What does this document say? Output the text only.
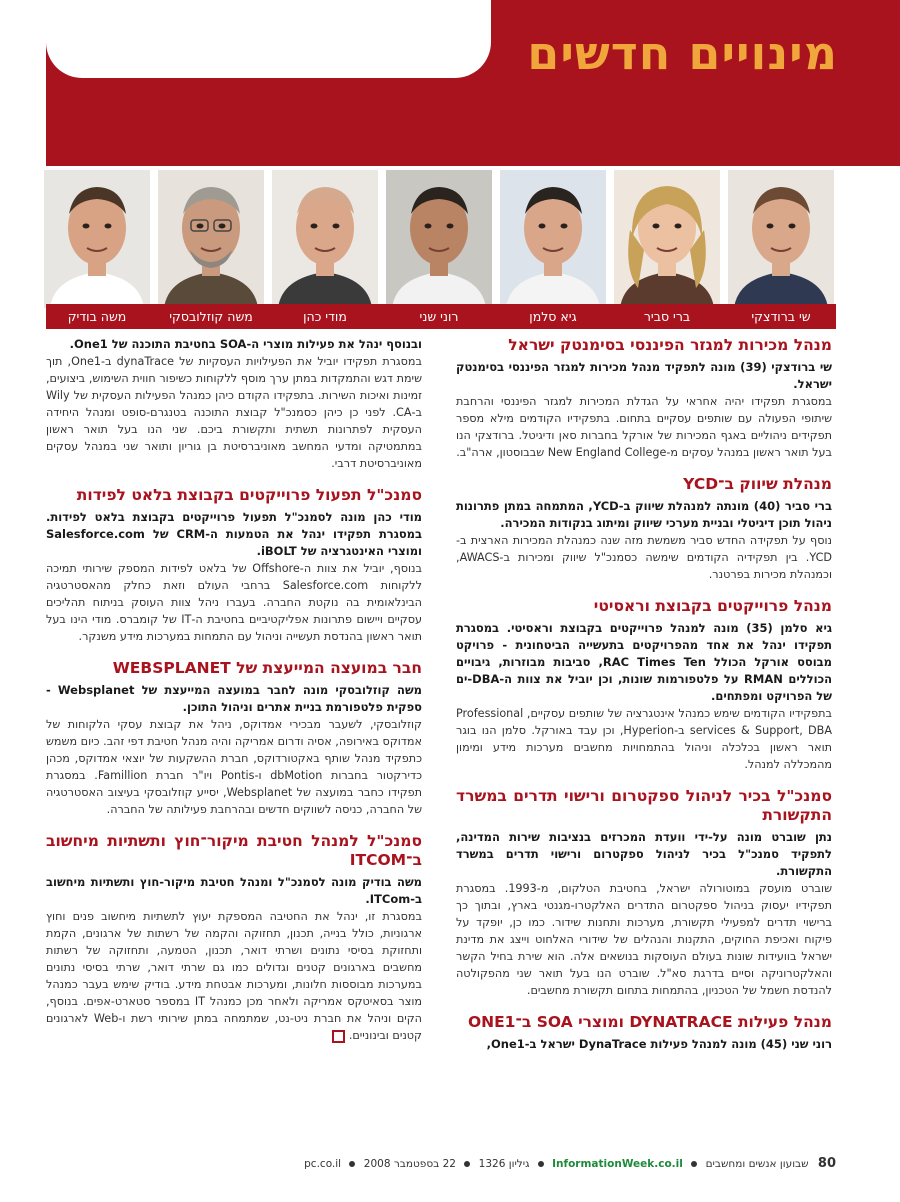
מינויים חדשים
שי ברודצקי
ברי סביר
גיא סלמן
רוני שני
מודי כהן
משה קוזלובסקי
משה בודיק
מנהל מכירות למגזר הפיננסי בסימנטק ישראל

שי ברודצקי (39) מונה לתפקיד מנהל מכירות למגזר הפיננסי בסימנטק ישראל.

במסגרת תפקידו יהיה אחראי על הגדלת המכירות למגזר הפיננסי והרחבת שיתופי הפעולה עם שותפים עסקיים בתחום. בתפקידיו הקודמים מילא מספר תפקידים ניהוליים באגף המכירות של אורקל בחברות סאן ודיגיטל. ברודצקי הנו בעל תואר ראשון במנהל עסקים מ-New England College שבבוסטון, ארה"ב.

מנהלת שיווק ב־YCD

ברי סביר (40) מונתה למנהלת שיווק ב-YCD, המתמחה במתן פתרונות ניהול תוכן דיגיטלי ובניית מערכי שיווק ומיתוג בנקודות המכירה.

נוסף על תפקידה החדש סביר משמשת מזה שנה כמנהלת המכירות הארצית ב-YCD. בין תפקידיה הקודמים שימשה כסמנכ"ל שיווק ומכירות ב-AWACS, וכמנהלת מכירות בפרטנר.

מנהל פרוייקטים בקבוצת וראסיטי

גיא סלמן (35) מונה למנהל פרוייקטים בקבוצת וראסיטי. במסגרת תפקידו ינהל את אחד מהפרויקטים בתעשייה הביטחונית - פרויקט מבוסס אורקל הכולל RAC Times Ten, סביבות מבוזרות, גיבויים הכוללים RMAN על פלטפורמות שונות, וכן יוביל את צוות ה-DBA-ים של הפרויקט ומפתחים.

בתפקידיו הקודמים שימש כמנהל אינטגרציה של שותפים עסקיים, Professional services & Support, DBA ב-Hyperion, וכן עבד באורקל. סלמן הנו בוגר תואר ראשון בכלכלה וניהול בהתמחויות מחשבים מערכות מידע ומימון מהמכללה למנהל.

סמנכ"ל בכיר לניהול ספקטרום ורישוי תדרים במשרד התקשורת

נתן שוברט מונה על-ידי וועדת המכרזים בנציבות שירות המדינה, לתפקיד סמנכ"ל בכיר לניהול ספקטרום ורישוי תדרים במשרד התקשורת.

שוברט מועסק במוטורולה ישראל, בחטיבת הטלקום, מ-1993. במסגרת תפקידיו יעסוק בניהול ספקטרום התדרים האלקטרו-מגנטי בארץ, ובתוך כך ברישוי תדרים למפעילי תקשורת, מערכות ותחנות שידור. כמו כן, יופקד על פיקוח ואכיפת החוקים, התקנות והנהלים של שידורי האלחוט וייצג את מדינת ישראל בוועידות שונות בעולם העוסקות בנושאים אלה. הוא שירת בחיל הקשר והאלקטרוניקה וסיים בדרגת סא"ל. שוברט הנו בעל תואר שני מהפקולטה להנדסת חשמל של הטכניון, בהתמחות בתחום תקשורת מחשבים.

מנהל פעילות DYNATRACE ומוצרי SOA ב־ONE1

רוני שני (45) מונה למנהל פעילות DynaTrace ישראל ב-One1,

ובנוסף ינהל את פעילות מוצרי ה-SOA בחטיבת התוכנה של One1.

במסגרת תפקידו יוביל את הפעילויות העסקיות של dynaTrace ב-One1, תוך שימת דגש והתמקדות במתן ערך מוסף ללקוחות כשיפור חווית השימוש, ביצועים, זמינות ואיכות השירות. בתפקידו הקודם כיהן כמנהל הפעילות העסקית של Wily ב-CA. לפני כן כיהן כסמנכ"ל קבוצת התוכנה בטנגרם-סופט ומנהל היחידה העסקית לפתרונות תשתית ותקשורת ביכם. שני הנו בעל תואר ראשון במתמטיקה ומדעי המחשב מאוניברסיטת בן גוריון ותואר שני במנהל עסקים מאוניברסיטת דרבי.

סמנכ"ל תפעול פרוייקטים בקבוצת בלאט לפידות

מודי כהן מונה לסמנכ"ל תפעול פרוייקטים בקבוצת בלאט לפידות. במסגרת תפקידו ינהל את הטמעות ה-CRM של Salesforce.com ומוצרי האינטגרציה של iBOLT.

בנוסף, יוביל את צוות ה-Offshore של בלאט לפידות המספק שירותי תמיכה ללקוחות Salesforce.com ברחבי העולם וזאת כחלק מהאסטרטגיה הבינלאומית בה נוקטת החברה. בעברו ניהל צוות העוסק בניתוח תהליכים עסקיים ויישום פתרונות אפליקטיביים בחטיבת ה-IT של קומברס. מודי הינו בעל תואר ראשון בהנדסת תעשייה וניהול עם התמחות במערכות מידע משנקר.

חבר במועצה המייעצת של WEBSPLANET

משה קוזלובסקי מונה לחבר במועצה המייעצת של Websplanet - ספקית פלטפורמת בניית אתרים וניהול התוכן.

קוזלובסקי, לשעבר מבכירי אמדוקס, ניהל את קבוצת עסקי הלקוחות של אמדוקס באירופה, אסיה ודרום אמריקה והיה מנהל חטיבת דפי זהב. כיום משמש כתפקיד מנהל שותף באקטורדוקס, חברת ההשקעות של יוצאי אמדוקס, מכהן כדירקטור בחברות dbMotion ו-Pontis ויו"ר חברת Famillion. במסגרת תפקידו כחבר במועצה של Websplanet, יסייע קוזלובסקי בעיצוב האסטרטגיה של החברה, כניסה לשווקים חדשים ובהרחבת פעילותה של החברה.

סמנכ"ל למנהל חטיבת מיקור־חוץ ותשתיות מיחשוב ב־ITCOM

משה בודיק מונה לסמנכ"ל ומנהל חטיבת מיקור-חוץ ותשתיות מיחשוב ב-ITCom.

במסגרת זו, ינהל את החטיבה המספקת יעוץ לתשתיות מיחשוב פנים וחוץ ארגוניות, כולל בנייה, תכנון, תחזוקה והקמה של רשתות של ארגונים, הקמת ותחזוקת בסיסי נתונים ושרתי דואר, תכנון, הטמעה, ותחזוקה של רשתות מחשבים בארגונים קטנים וגדולים כמו גם שרתי דואר, שרתי בסיסי נתונים במערכות מבוססות חלונות, ומערכות אבטחת מידע. בודיק שימש בעבר כמנהל מוצר בסאיטקס אמריקה ולאחר מכן כמנהל IT במספר סטארט-אפים. בנוסף, הקים וניהל את חברת ניט-נט, שמתמחה במתן שירותי רשת ו-Web לארגונים קטנים ובינוניים.

80 שבועון אנשים ומחשבים  InformationWeek.co.il  גיליון 1326  22 בספטמבר 2008  pc.co.il
